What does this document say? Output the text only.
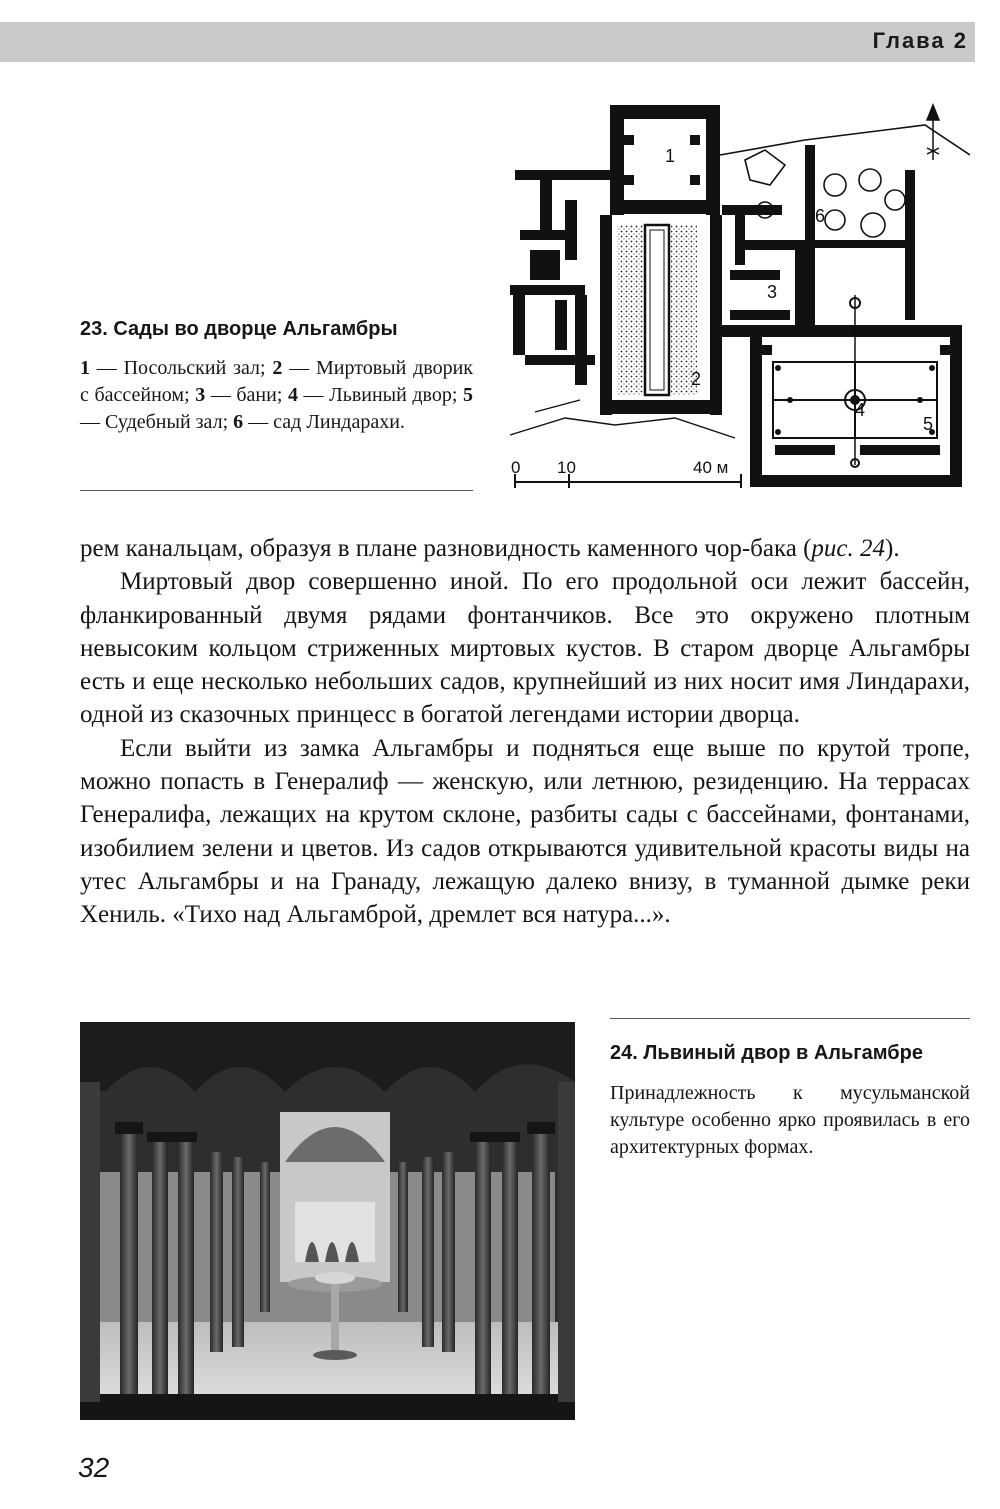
Глава 2
23. Сады во дворце Альгамбры

1 — Посольский зал; 2 — Миртовый дворик с бассейном; 3 — бани; 4 — Львиный двор; 5 — Судебный зал; 6 — сад Линдарахи.

1
2
3
4
5
6
0 10	40 м

рем канальцам, образуя в плане разновидность каменного чор-бака (рис. 24).

Миртовый двор совершенно иной. По его продольной оси лежит бассейн, фланкированный двумя рядами фонтанчиков. Все это окружено плотным невысоким кольцом стриженных миртовых кустов. В старом дворце Альгамбры есть и еще несколько небольших садов, крупнейший из них носит имя Линдарахи, одной из сказочных принцесс в богатой легендами истории дворца.

Если выйти из замка Альгамбры и подняться еще выше по крутой тропе, можно попасть в Генералиф — женскую, или летнюю, резиденцию. На террасах Генералифа, лежащих на крутом склоне, разбиты сады с бассейнами, фонтанами, изобилием зелени и цветов. Из садов открываются удивительной красоты виды на утес Альгамбры и на Гранаду, лежащую далеко внизу, в туманной дымке реки Хениль. «Тихо над Альгамброй, дремлет вся натура...».

24. Львиный двор в Альгамбре

Принадлежность к мусульманской культуре особенно ярко проявилась в его архитектурных формах.

32
